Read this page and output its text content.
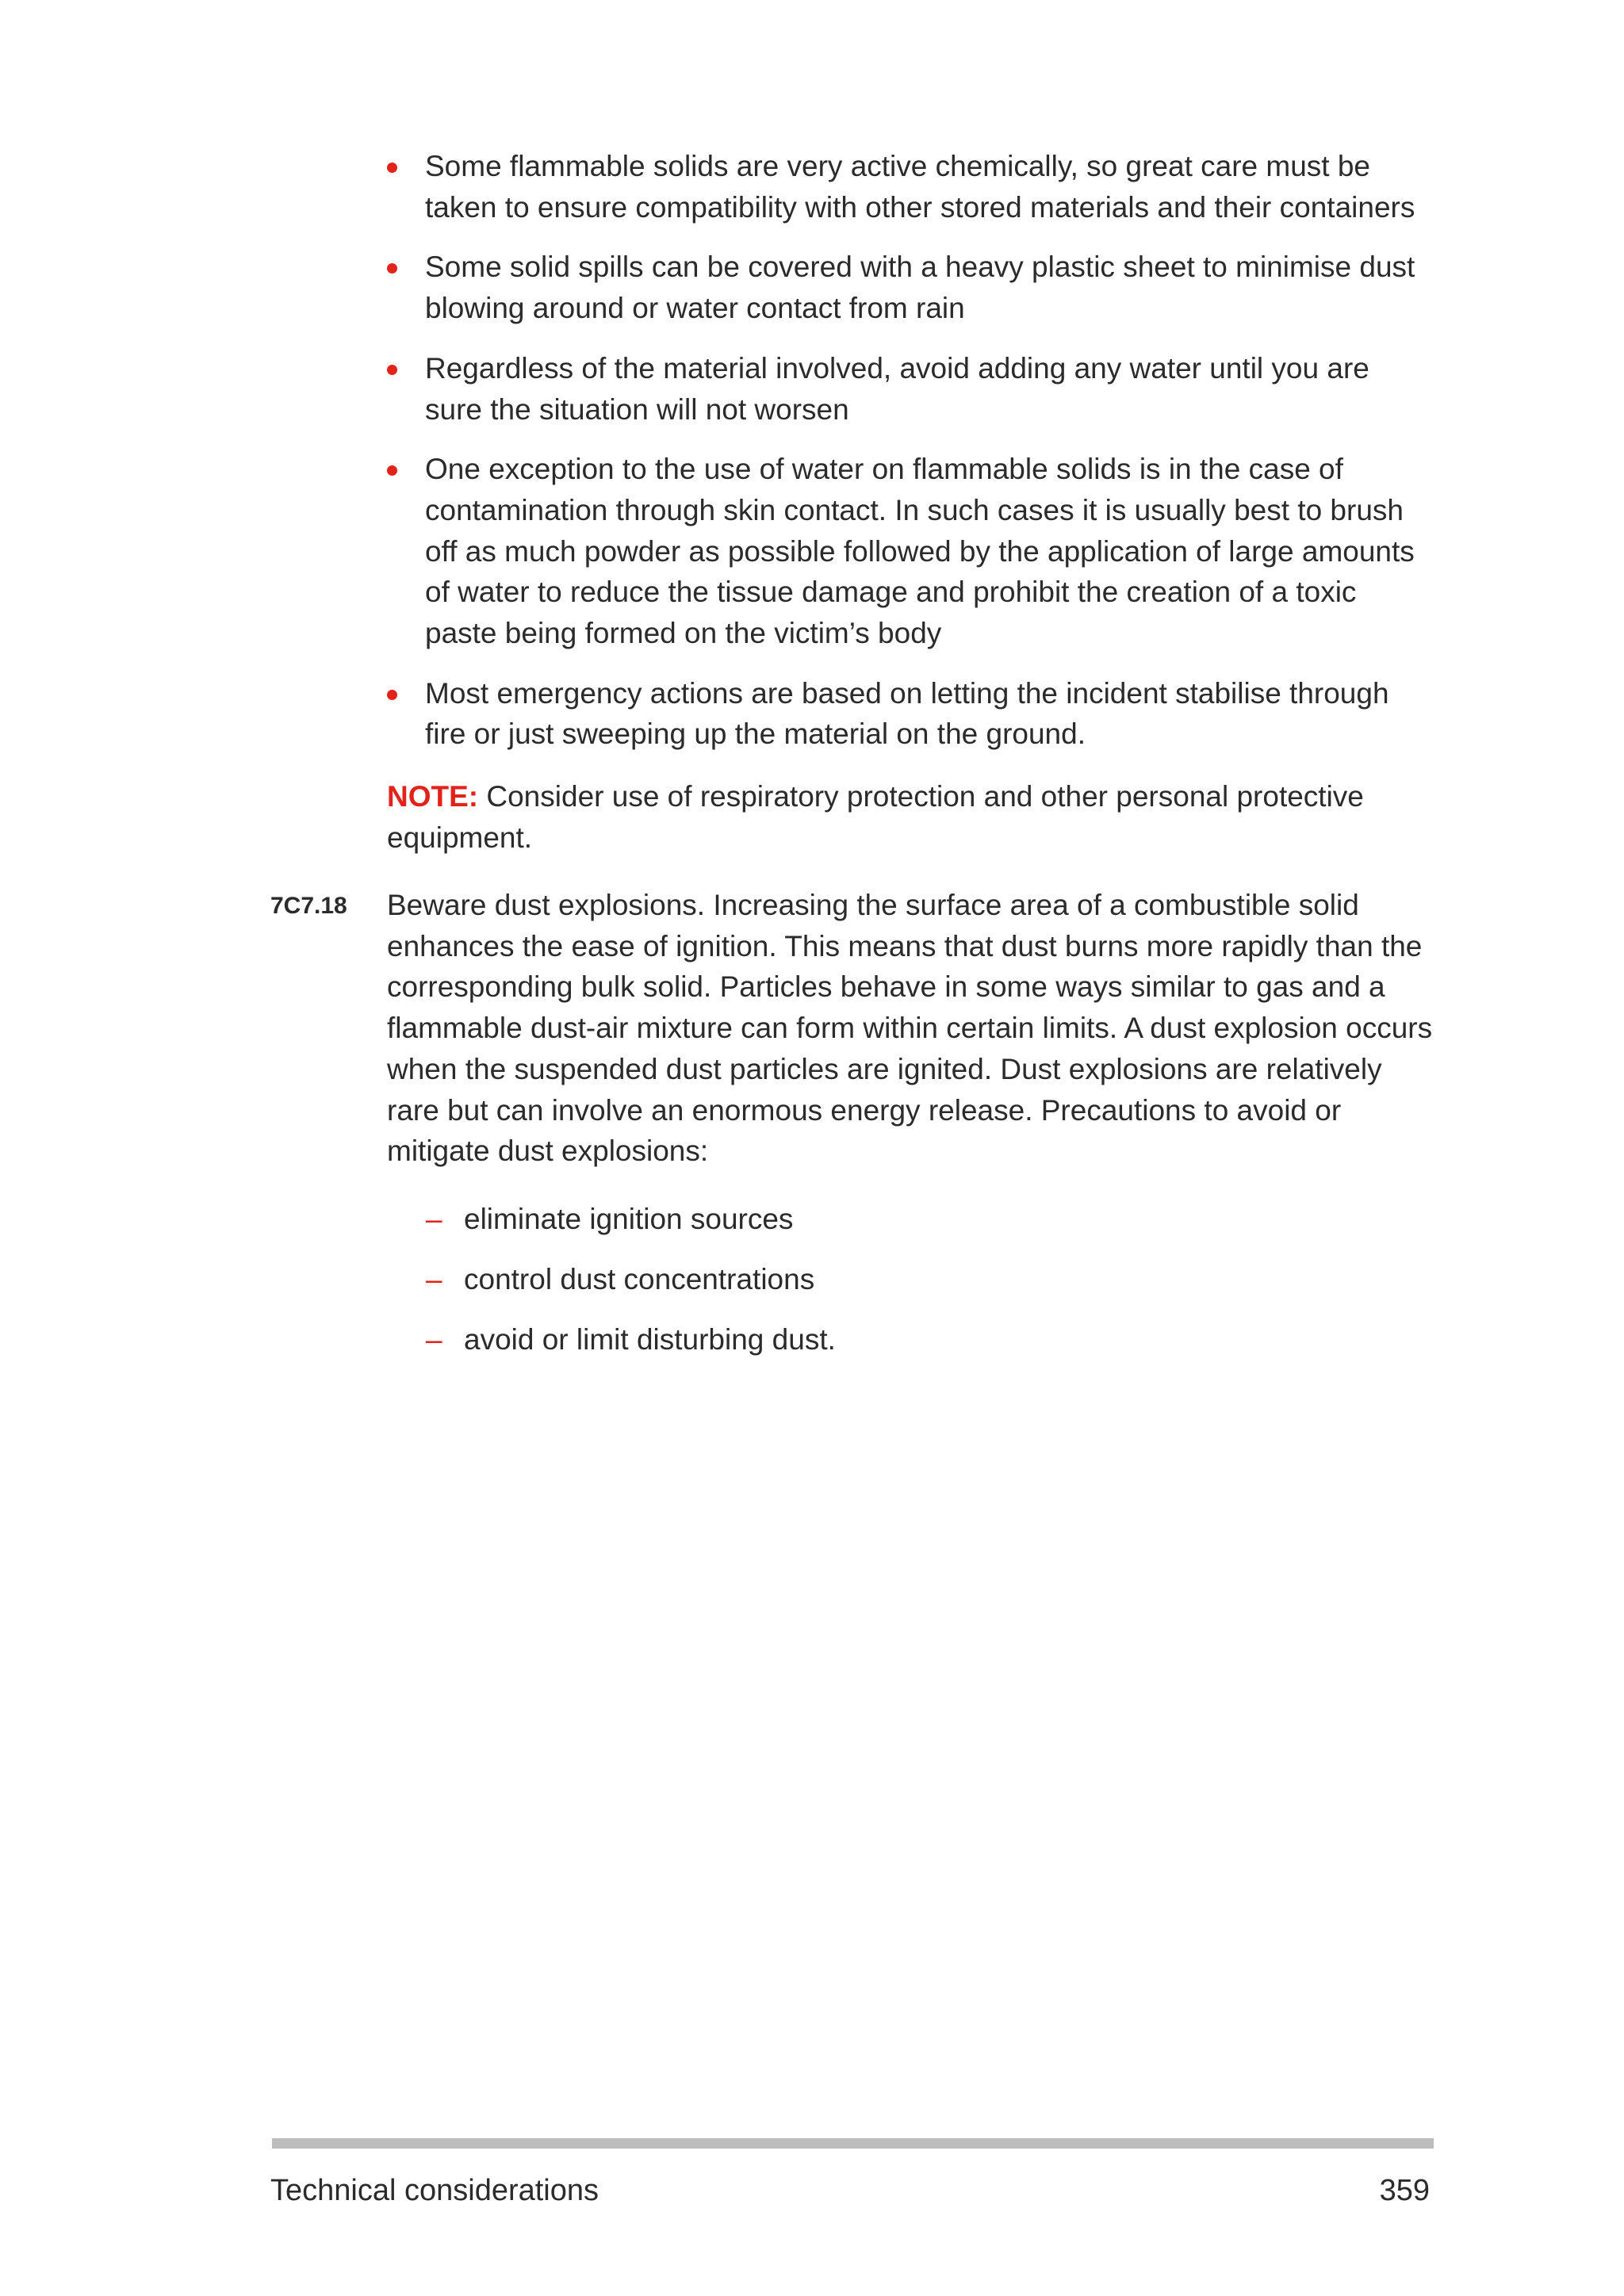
Some flammable solids are very active chemically, so great care must be taken to ensure compatibility with other stored materials and their containers
Some solid spills can be covered with a heavy plastic sheet to minimise dust blowing around or water contact from rain
Regardless of the material involved, avoid adding any water until you are sure the situation will not worsen
One exception to the use of water on flammable solids is in the case of contamination through skin contact. In such cases it is usually best to brush off as much powder as possible followed by the application of large amounts of water to reduce the tissue damage and prohibit the creation of a toxic paste being formed on the victim’s body
Most emergency actions are based on letting the incident stabilise through fire or just sweeping up the material on the ground.

NOTE: Consider use of respiratory protection and other personal protective equipment.

7C7.18 Beware dust explosions. Increasing the surface area of a combustible solid enhances the ease of ignition. This means that dust burns more rapidly than the corresponding bulk solid. Particles behave in some ways similar to gas and a flammable dust-air mixture can form within certain limits. A dust explosion occurs when the suspended dust particles are ignited. Dust explosions are relatively rare but can involve an enormous energy release. Precautions to avoid or mitigate dust explosions:

– eliminate ignition sources
– control dust concentrations
– avoid or limit disturbing dust.
Technical considerations	359
